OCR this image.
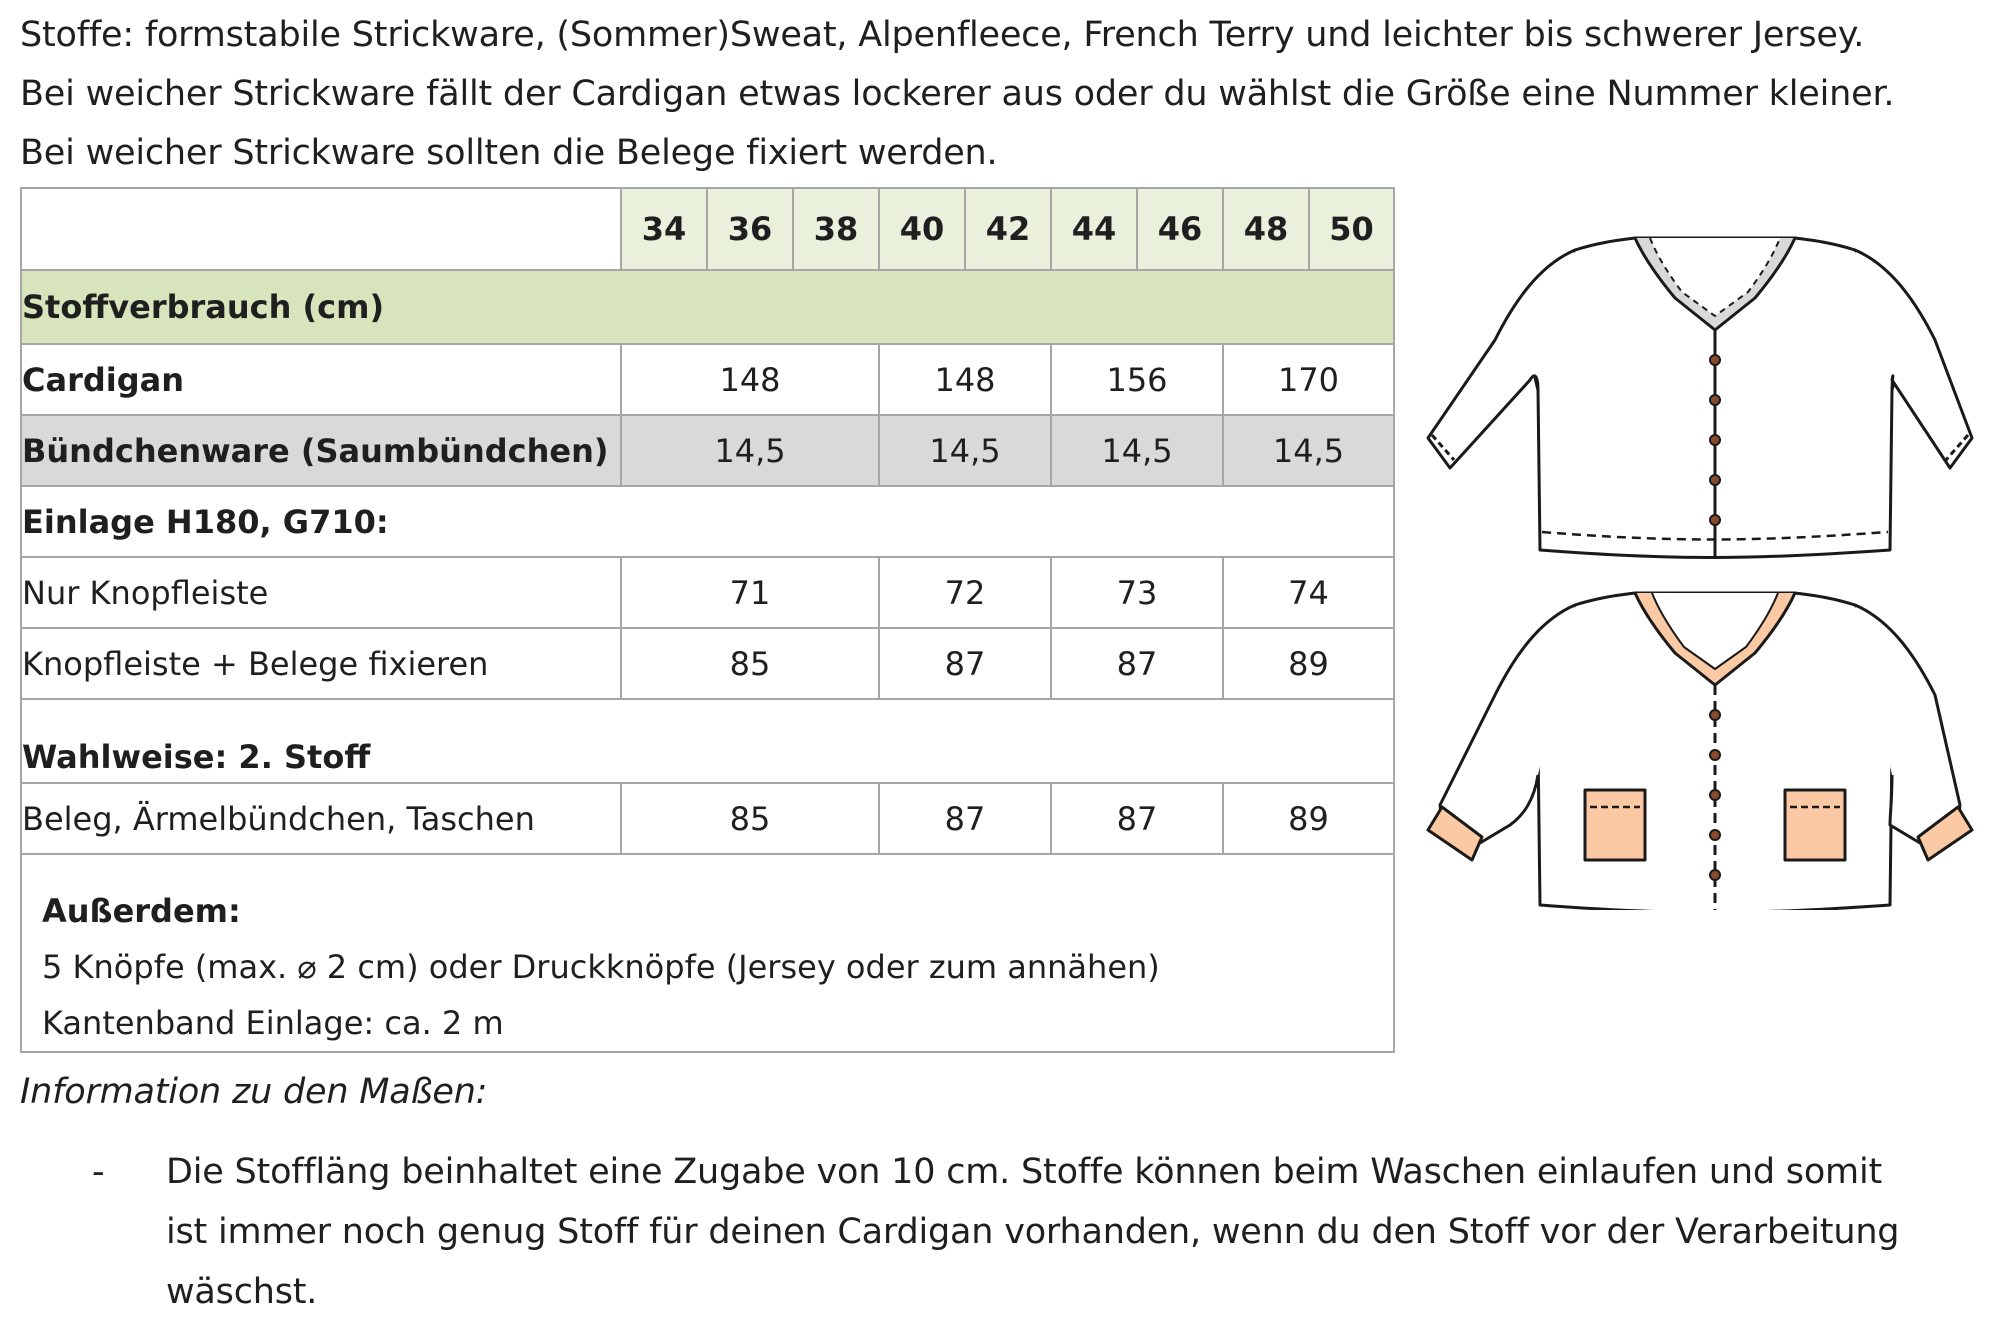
Stoffe: formstabile Strickware, (Sommer)Sweat, Alpenfleece, French Terry und leichter bis schwerer Jersey. Bei weicher Strickware fällt der Cardigan etwas lockerer aus oder du wählst die Größe eine Nummer kleiner. Bei weicher Strickware sollten die Belege fixiert werden.

	34	36	38	40	42	44	46	48	50
Stoffverbrauch (cm)									
Cardigan	148			148		156		170	
Bündchenware (Saumbündchen)	14,5			14,5		14,5		14,5	
Einlage H180, G710:									
Nur Knopfleiste	71			72		73		74	
Knopfleiste + Belege fixieren	85			87		87		89	
Wahlweise: 2. Stoff									
Beleg, Ärmelbündchen, Taschen	85			87		87		89	

Außerdem:
5 Knöpfe (max. ⌀ 2 cm) oder Druckknöpfe (Jersey oder zum annähen)
Kantenband Einlage: ca. 2 m									

Information zu den Maßen:

-	Die Stoffläng beinhaltet eine Zugabe von 10 cm. Stoffe können beim Waschen einlaufen und somit ist immer noch genug Stoff für deinen Cardigan vorhanden, wenn du den Stoff vor der Verarbeitung wäschst.
